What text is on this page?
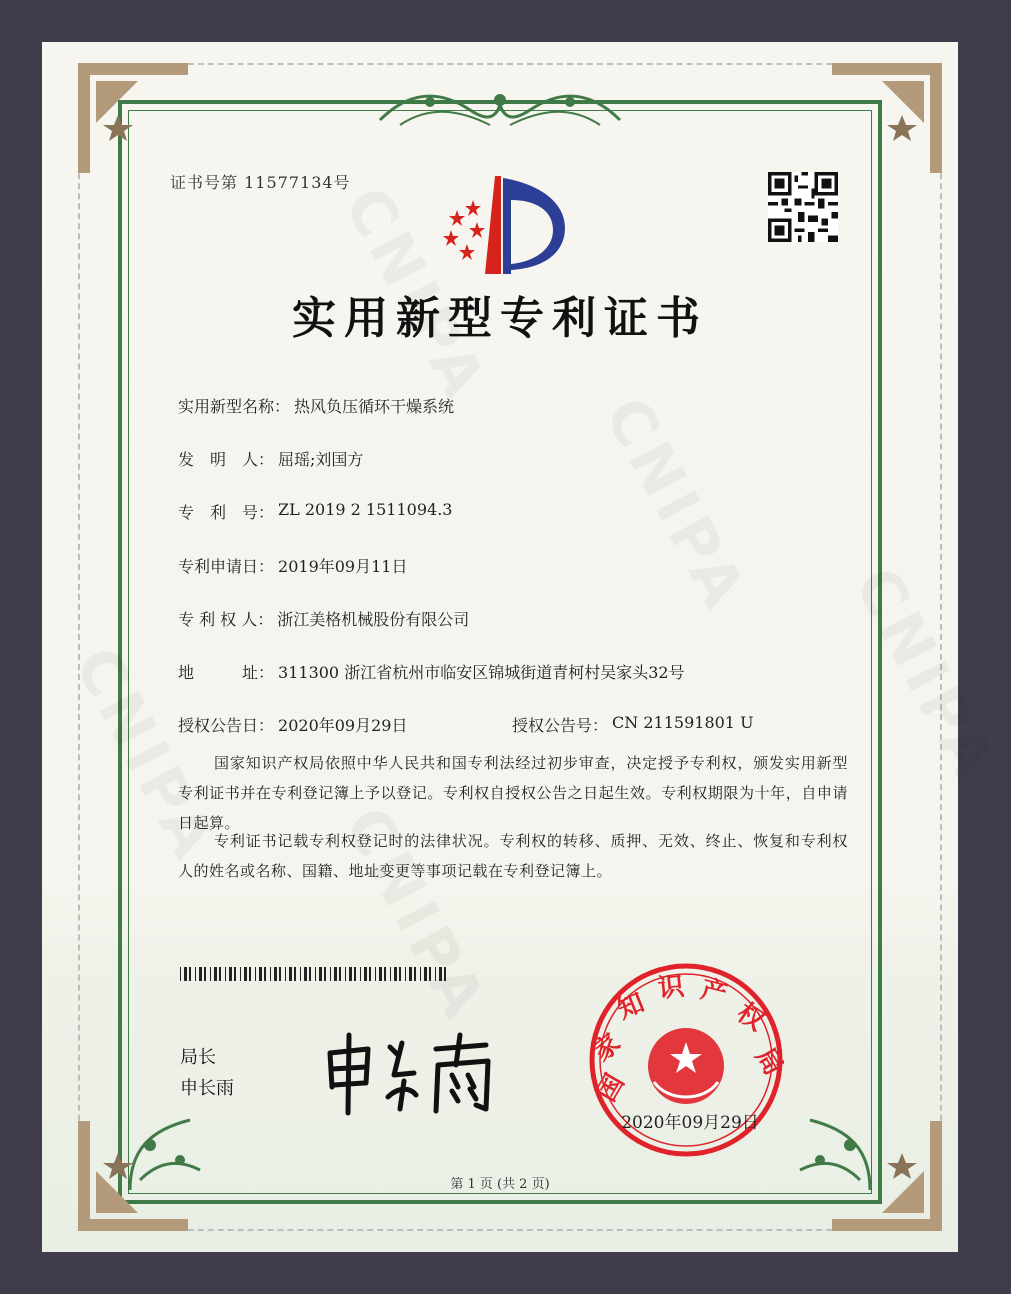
证书号第 11577134号
实用新型专利证书
实用新型名称 ： 热风负压循环干燥系统
发　明　人 ： 屈瑶;刘国方
专　利　号 ： ZL 2019 2 1511094.3
专利申请日 ： 2019年09月11日
专 利 权 人 ： 浙江美格机械股份有限公司
地　　　址 ： 311300 浙江省杭州市临安区锦城街道青柯村吴家头32号
授权公告日 ： 2020年09月29日	授权公告号 ： CN 211591801 U
国家知识产权局依照中华人民共和国专利法经过初步审查，决定授予专利权，颁发实用新型专利证书并在专利登记簿上予以登记。专利权自授权公告之日起生效。专利权期限为十年，自申请日起算。
专利证书记载专利权登记时的法律状况。专利权的转移、质押、无效、终止、恢复和专利权人的姓名或名称、国籍、地址变更等事项记载在专利登记簿上。
局长
申长雨	国
家
知 识 产
权
局
2020年09月29日
第 1 页 (共 2 页)
